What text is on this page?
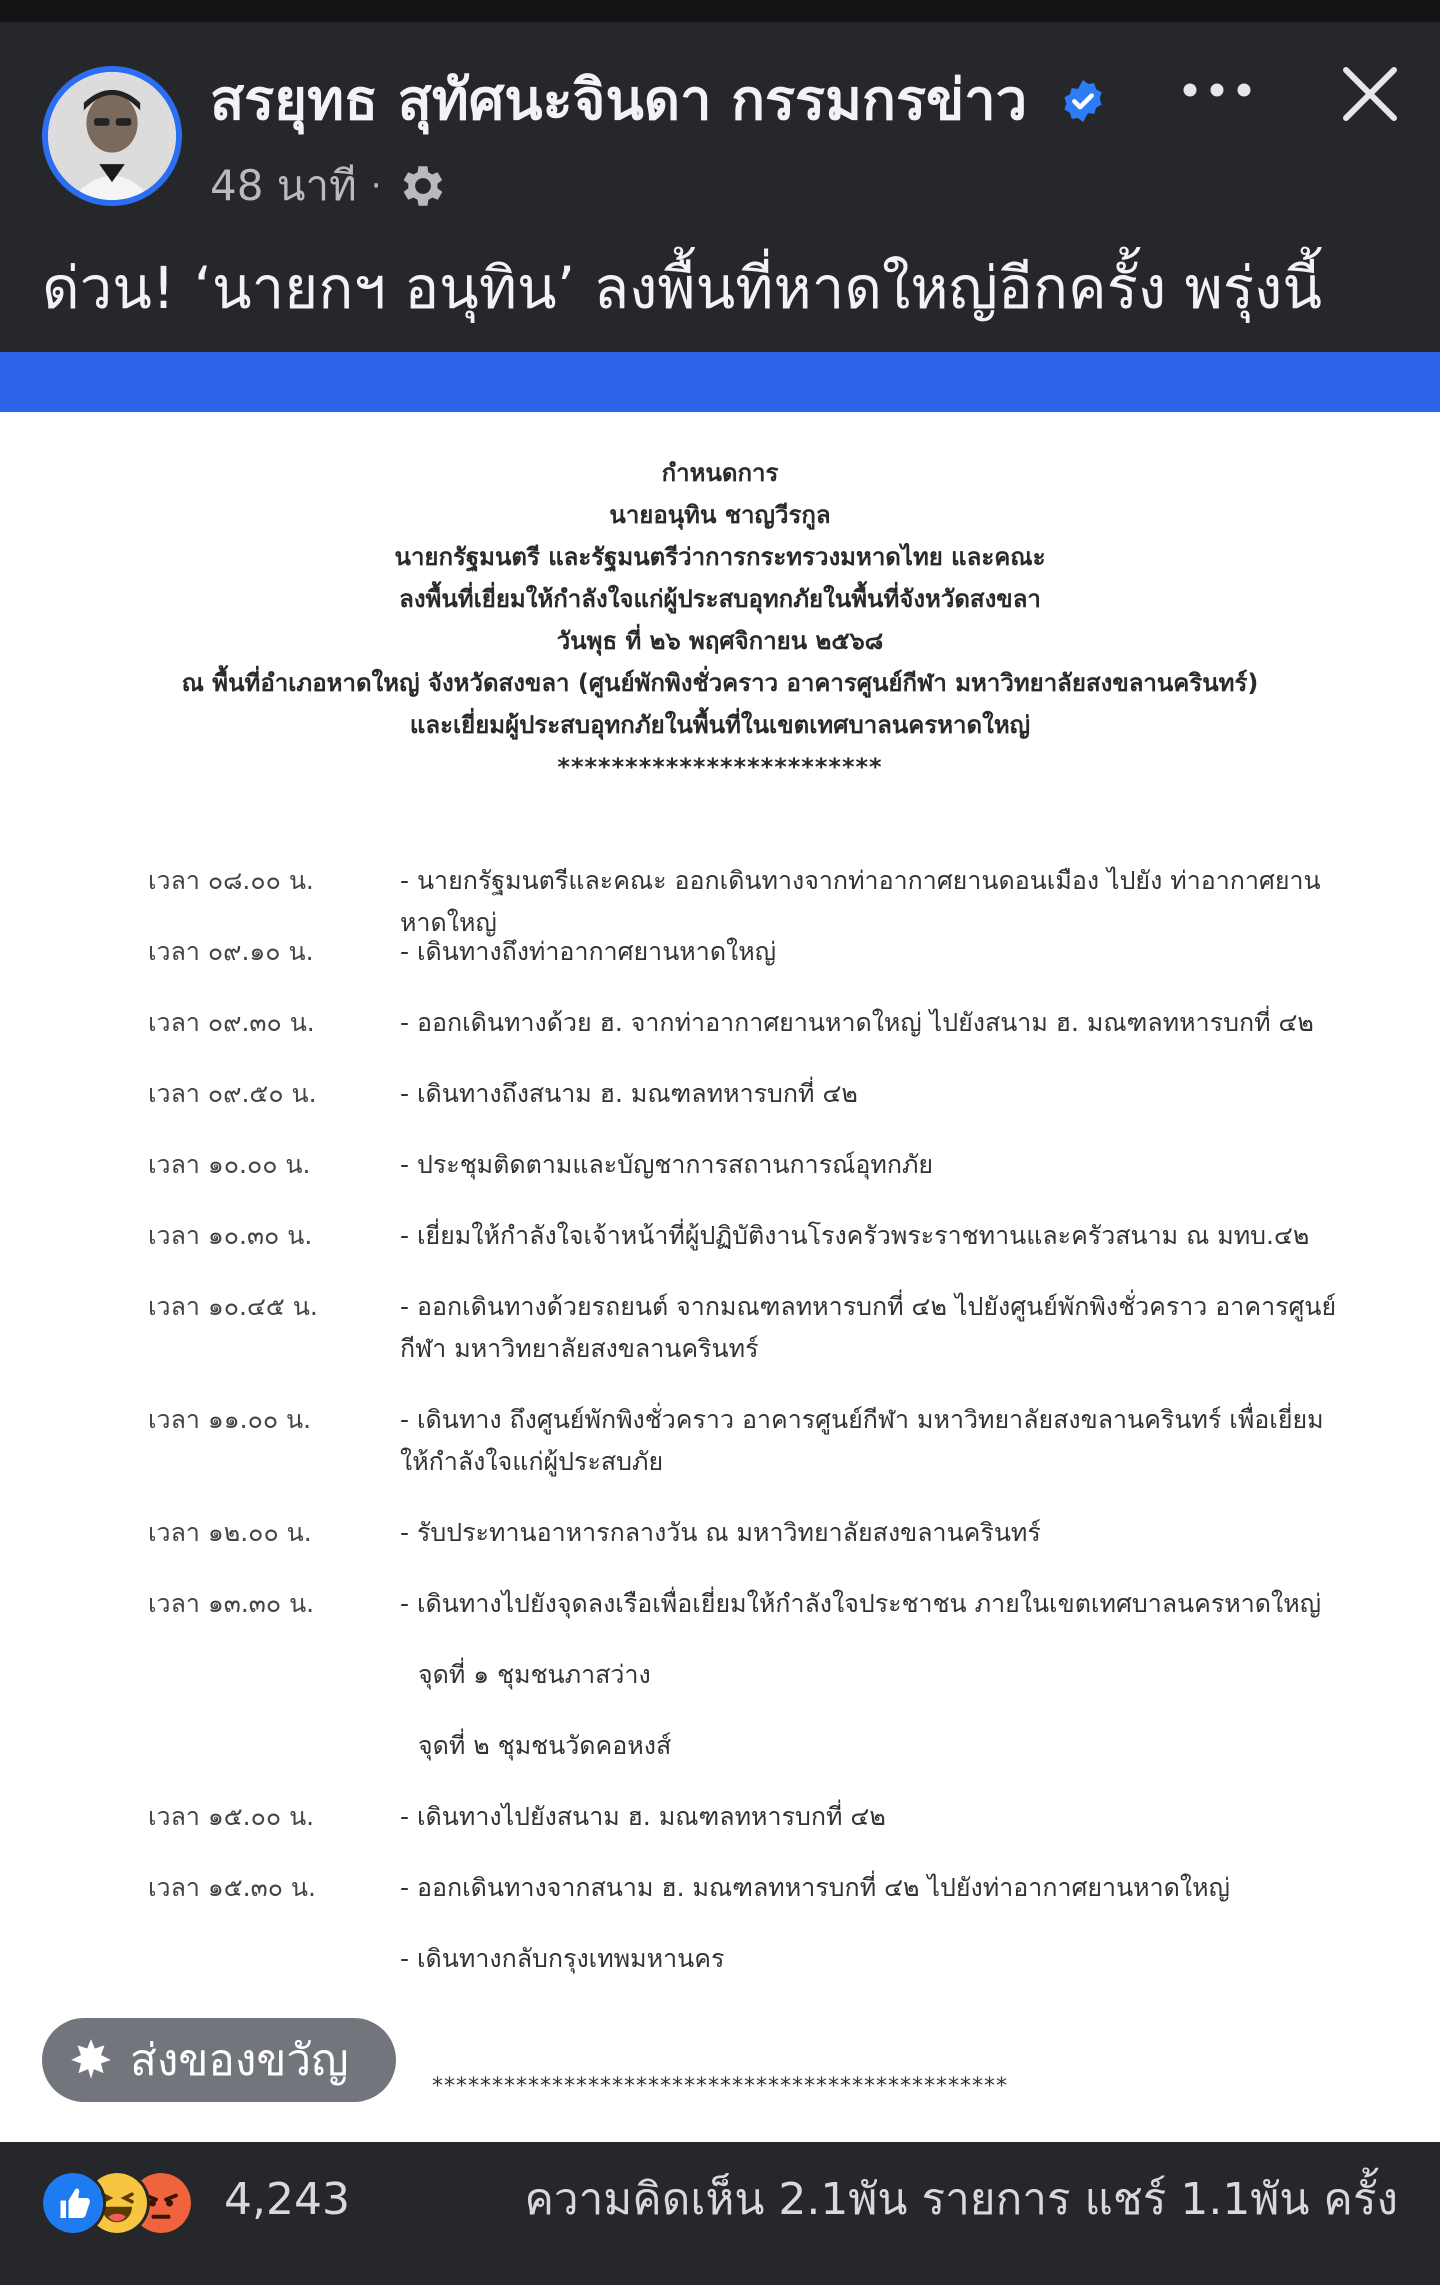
สรยุทธ สุทัศนะจินดา กรรมกรข่าว
48 นาที ·
ด่วน! ‘นายกฯ อนุทิน’ ลงพื้นที่หาดใหญ่อีกครั้ง พรุ่งนี้
กำหนดการ
นายอนุทิน ชาญวีรกูล
นายกรัฐมนตรี และรัฐมนตรีว่าการกระทรวงมหาดไทย และคณะ
ลงพื้นที่เยี่ยมให้กำลังใจแก่ผู้ประสบอุทกภัยในพื้นที่จังหวัดสงขลา
วันพุธ ที่ ๒๖ พฤศจิกายน ๒๕๖๘
ณ พื้นที่อำเภอหาดใหญ่ จังหวัดสงขลา (ศูนย์พักพิงชั่วคราว อาคารศูนย์กีฬา มหาวิทยาลัยสงขลานครินทร์)
และเยี่ยมผู้ประสบอุทกภัยในพื้นที่ในเขตเทศบาลนครหาดใหญ่
************************
เวลา ๐๘.๐๐ น.	- นายกรัฐมนตรีและคณะ ออกเดินทางจากท่าอากาศยานดอนเมือง ไปยัง ท่าอากาศยานหาดใหญ่
เวลา ๐๙.๑๐ น.	- เดินทางถึงท่าอากาศยานหาดใหญ่
เวลา ๐๙.๓๐ น.	- ออกเดินทางด้วย ฮ. จากท่าอากาศยานหาดใหญ่ ไปยังสนาม ฮ. มณฑลทหารบกที่ ๔๒
เวลา ๐๙.๕๐ น.	- เดินทางถึงสนาม ฮ. มณฑลทหารบกที่ ๔๒
เวลา ๑๐.๐๐ น.	- ประชุมติดตามและบัญชาการสถานการณ์อุทกภัย
เวลา ๑๐.๓๐ น.	- เยี่ยมให้กำลังใจเจ้าหน้าที่ผู้ปฏิบัติงานโรงครัวพระราชทานและครัวสนาม ณ มทบ.๔๒
เวลา ๑๐.๔๕ น.	- ออกเดินทางด้วยรถยนต์ จากมณฑลทหารบกที่ ๔๒ ไปยังศูนย์พักพิงชั่วคราว อาคารศูนย์กีฬา มหาวิทยาลัยสงขลานครินทร์
เวลา ๑๑.๐๐ น.	- เดินทาง ถึงศูนย์พักพิงชั่วคราว อาคารศูนย์กีฬา มหาวิทยาลัยสงขลานครินทร์ เพื่อเยี่ยมให้กำลังใจแก่ผู้ประสบภัย
เวลา ๑๒.๐๐ น.	- รับประทานอาหารกลางวัน ณ มหาวิทยาลัยสงขลานครินทร์
เวลา ๑๓.๓๐ น.	- เดินทางไปยังจุดลงเรือเพื่อเยี่ยมให้กำลังใจประชาชน ภายในเขตเทศบาลนครหาดใหญ่
จุดที่ ๑ ชุมชนภาสว่าง
จุดที่ ๒ ชุมชนวัดคอหงส์
เวลา ๑๕.๐๐ น.	- เดินทางไปยังสนาม ฮ. มณฑลทหารบกที่ ๔๒
เวลา ๑๕.๓๐ น.	- ออกเดินทางจากสนาม ฮ. มณฑลทหารบกที่ ๔๒ ไปยังท่าอากาศยานหาดใหญ่
- เดินทางกลับกรุงเทพมหานคร
************************************************
ส่งของขวัญ
4,243	ความคิดเห็น 2.1พัน รายการ แชร์ 1.1พัน ครั้ง
